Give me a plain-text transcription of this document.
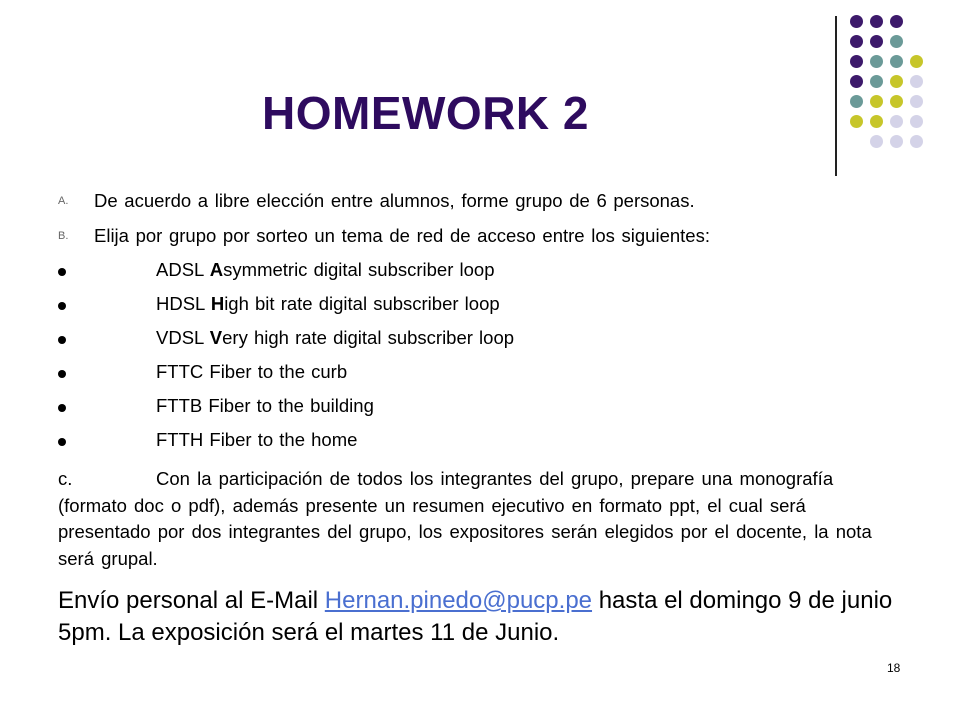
HOMEWORK 2
A. De acuerdo a libre elección entre alumnos, forme grupo de 6 personas.
B. Elija por grupo por sorteo un tema de red de acceso entre los siguientes:
ADSL Asymmetric digital subscriber loop
HDSL High bit rate digital subscriber loop
VDSL Very high rate digital subscriber loop
FTTC Fiber to the curb
FTTB Fiber to the building
FTTH Fiber to the home
c.	Con la participación de todos los integrantes del grupo, prepare una monografía (formato doc o pdf), además presente un resumen ejecutivo en formato ppt, el cual será presentado por dos integrantes del grupo, los expositores serán elegidos por el docente, la nota será grupal.
Envío personal al E-Mail Hernan.pinedo@pucp.pe hasta el domingo 9 de junio 5pm. La exposición será el martes 11 de Junio.
18
